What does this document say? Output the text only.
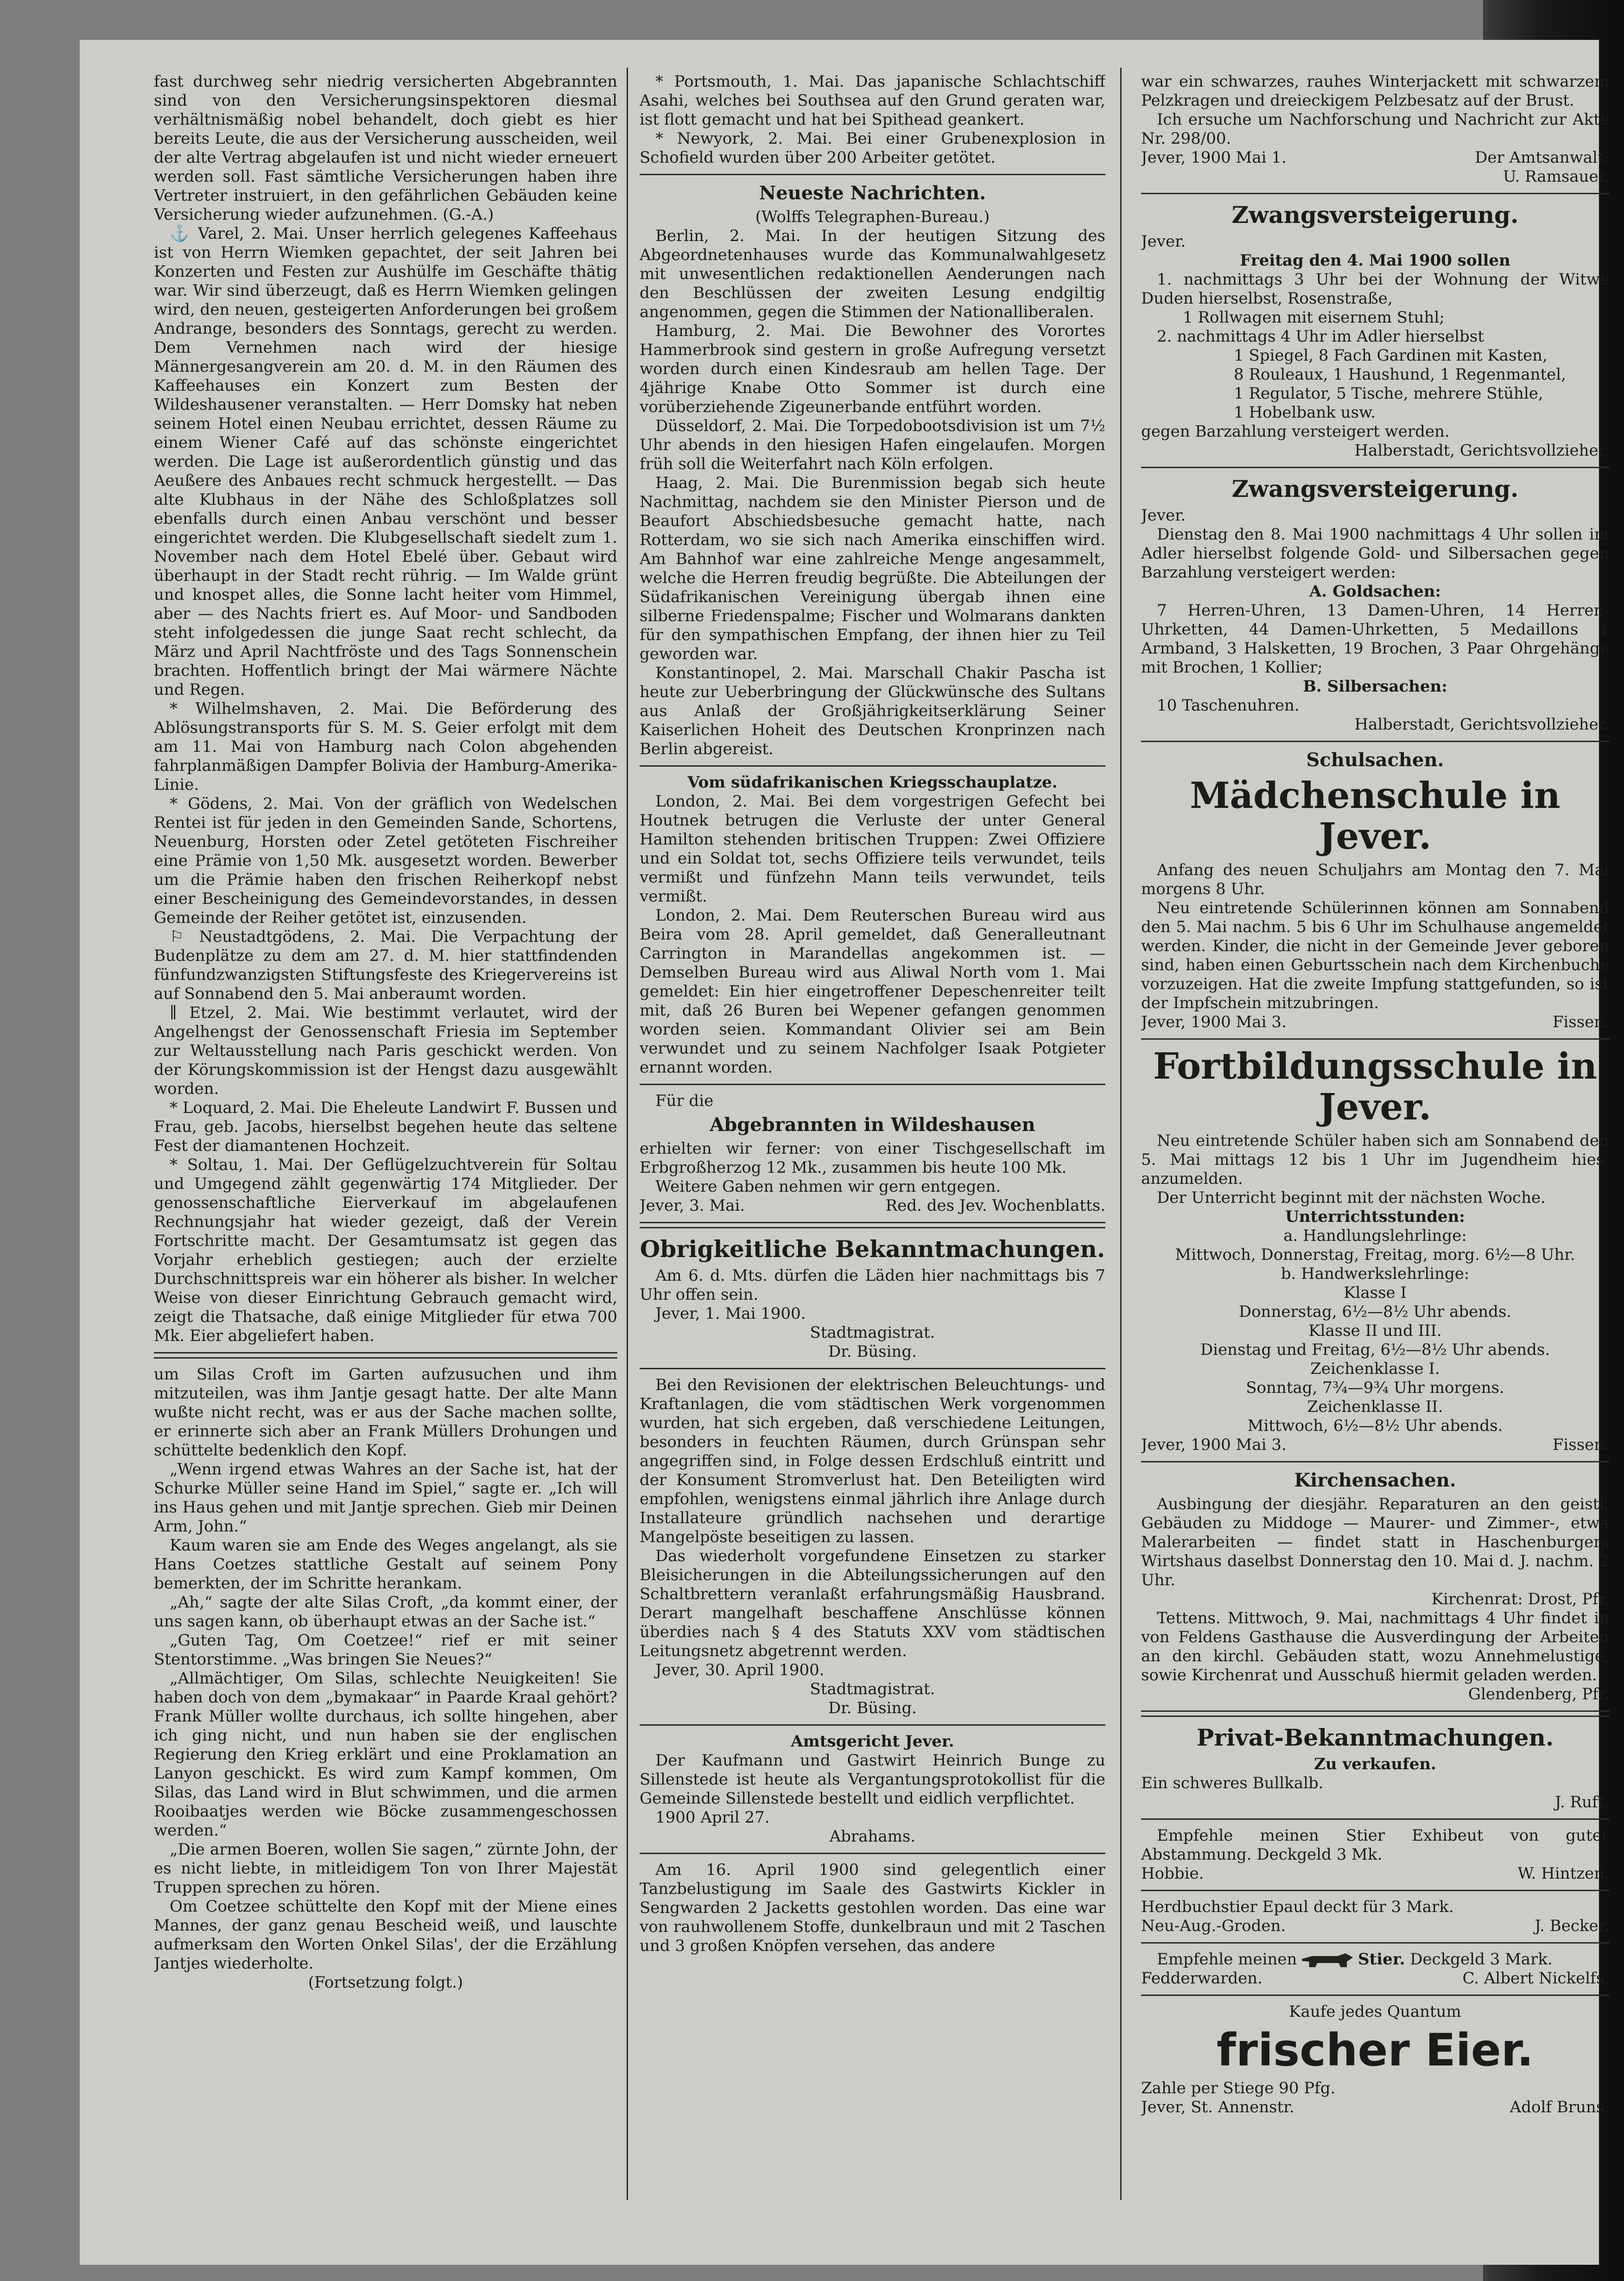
fast durchweg sehr niedrig versicherten Abgebrannten sind von den Versicherungsinspektoren diesmal verhältnismäßig nobel behandelt, doch giebt es hier bereits Leute, die aus der Versicherung ausscheiden, weil der alte Vertrag abgelaufen ist und nicht wieder erneuert werden soll. Fast sämtliche Versicherungen haben ihre Vertreter instruiert, in den gefährlichen Gebäuden keine Versicherung wieder aufzunehmen. (G.-A.)

⚓ Varel, 2. Mai. Unser herrlich gelegenes Kaffeehaus ist von Herrn Wiemken gepachtet, der seit Jahren bei Konzerten und Festen zur Aushülfe im Geschäfte thätig war. Wir sind überzeugt, daß es Herrn Wiemken gelingen wird, den neuen, gesteigerten Anforderungen bei großem Andrange, besonders des Sonntags, gerecht zu werden. Dem Vernehmen nach wird der hiesige Männergesangverein am 20. d. M. in den Räumen des Kaffeehauses ein Konzert zum Besten der Wildeshausener veranstalten. — Herr Domsky hat neben seinem Hotel einen Neubau errichtet, dessen Räume zu einem Wiener Café auf das schönste eingerichtet werden. Die Lage ist außerordentlich günstig und das Aeußere des Anbaues recht schmuck hergestellt. — Das alte Klubhaus in der Nähe des Schloßplatzes soll ebenfalls durch einen Anbau verschönt und besser eingerichtet werden. Die Klubgesellschaft siedelt zum 1. November nach dem Hotel Ebelé über. Gebaut wird überhaupt in der Stadt recht rührig. — Im Walde grünt und knospet alles, die Sonne lacht heiter vom Himmel, aber — des Nachts friert es. Auf Moor- und Sandboden steht infolgedessen die junge Saat recht schlecht, da März und April Nachtfröste und des Tags Sonnenschein brachten. Hoffentlich bringt der Mai wärmere Nächte und Regen.

* Wilhelmshaven, 2. Mai. Die Beförderung des Ablösungstransports für S. M. S. Geier erfolgt mit dem am 11. Mai von Hamburg nach Colon abgehenden fahrplanmäßigen Dampfer Bolivia der Hamburg-Amerika-Linie.

* Gödens, 2. Mai. Von der gräflich von Wedelschen Rentei ist für jeden in den Gemeinden Sande, Schortens, Neuenburg, Horsten oder Zetel getöteten Fischreiher eine Prämie von 1,50 Mk. ausgesetzt worden. Bewerber um die Prämie haben den frischen Reiherkopf nebst einer Bescheinigung des Gemeindevorstandes, in dessen Gemeinde der Reiher getötet ist, einzusenden.

⚐ Neustadtgödens, 2. Mai. Die Verpachtung der Budenplätze zu dem am 27. d. M. hier stattfindenden fünfundzwanzigsten Stiftungsfeste des Kriegervereins ist auf Sonnabend den 5. Mai anberaumt worden.

∥ Etzel, 2. Mai. Wie bestimmt verlautet, wird der Angelhengst der Genossenschaft Friesia im September zur Weltausstellung nach Paris geschickt werden. Von der Körungskommission ist der Hengst dazu ausgewählt worden.

* Loquard, 2. Mai. Die Eheleute Landwirt F. Bussen und Frau, geb. Jacobs, hierselbst begehen heute das seltene Fest der diamantenen Hochzeit.

* Soltau, 1. Mai. Der Geflügelzuchtverein für Soltau und Umgegend zählt gegenwärtig 174 Mitglieder. Der genossenschaftliche Eierverkauf im abgelaufenen Rechnungsjahr hat wieder gezeigt, daß der Verein Fortschritte macht. Der Gesamtumsatz ist gegen das Vorjahr erheblich gestiegen; auch der erzielte Durchschnittspreis war ein höherer als bisher. In welcher Weise von dieser Einrichtung Gebrauch gemacht wird, zeigt die Thatsache, daß einige Mitglieder für etwa 700 Mk. Eier abgeliefert haben.

um Silas Croft im Garten aufzusuchen und ihm mitzuteilen, was ihm Jantje gesagt hatte. Der alte Mann wußte nicht recht, was er aus der Sache machen sollte, er erinnerte sich aber an Frank Müllers Drohungen und schüttelte bedenklich den Kopf.

„Wenn irgend etwas Wahres an der Sache ist, hat der Schurke Müller seine Hand im Spiel,“ sagte er. „Ich will ins Haus gehen und mit Jantje sprechen. Gieb mir Deinen Arm, John.“

Kaum waren sie am Ende des Weges angelangt, als sie Hans Coetzes stattliche Gestalt auf seinem Pony bemerkten, der im Schritte herankam.

„Ah,“ sagte der alte Silas Croft, „da kommt einer, der uns sagen kann, ob überhaupt etwas an der Sache ist.“

„Guten Tag, Om Coetzee!“ rief er mit seiner Stentorstimme. „Was bringen Sie Neues?“

„Allmächtiger, Om Silas, schlechte Neuigkeiten! Sie haben doch von dem „bymakaar“ in Paarde Kraal gehört? Frank Müller wollte durchaus, ich sollte hingehen, aber ich ging nicht, und nun haben sie der englischen Regierung den Krieg erklärt und eine Proklamation an Lanyon geschickt. Es wird zum Kampf kommen, Om Silas, das Land wird in Blut schwimmen, und die armen Rooibaatjes werden wie Böcke zusammengeschossen werden.“

„Die armen Boeren, wollen Sie sagen,“ zürnte John, der es nicht liebte, in mitleidigem Ton von Ihrer Majestät Truppen sprechen zu hören.

Om Coetzee schüttelte den Kopf mit der Miene eines Mannes, der ganz genau Bescheid weiß, und lauschte aufmerksam den Worten Onkel Silas', der die Erzählung Jantjes wiederholte.

(Fortsetzung folgt.)

* Portsmouth, 1. Mai. Das japanische Schlachtschiff Asahi, welches bei Southsea auf den Grund geraten war, ist flott gemacht und hat bei Spithead geankert.

* Newyork, 2. Mai. Bei einer Grubenexplosion in Schofield wurden über 200 Arbeiter getötet.

Neueste Nachrichten.

(Wolffs Telegraphen-Bureau.)

Berlin, 2. Mai. In der heutigen Sitzung des Abgeordnetenhauses wurde das Kommunalwahlgesetz mit unwesentlichen redaktionellen Aenderungen nach den Beschlüssen der zweiten Lesung endgiltig angenommen, gegen die Stimmen der Nationalliberalen.

Hamburg, 2. Mai. Die Bewohner des Vorortes Hammerbrook sind gestern in große Aufregung versetzt worden durch einen Kindesraub am hellen Tage. Der 4jährige Knabe Otto Sommer ist durch eine vorüberziehende Zigeunerbande entführt worden.

Düsseldorf, 2. Mai. Die Torpedobootsdivision ist um 7½ Uhr abends in den hiesigen Hafen eingelaufen. Morgen früh soll die Weiterfahrt nach Köln erfolgen.

Haag, 2. Mai. Die Burenmission begab sich heute Nachmittag, nachdem sie den Minister Pierson und de Beaufort Abschiedsbesuche gemacht hatte, nach Rotterdam, wo sie sich nach Amerika einschiffen wird. Am Bahnhof war eine zahlreiche Menge angesammelt, welche die Herren freudig begrüßte. Die Abteilungen der Südafrikanischen Vereinigung übergab ihnen eine silberne Friedenspalme; Fischer und Wolmarans dankten für den sympathischen Empfang, der ihnen hier zu Teil geworden war.

Konstantinopel, 2. Mai. Marschall Chakir Pascha ist heute zur Ueberbringung der Glückwünsche des Sultans aus Anlaß der Großjährigkeitserklärung Seiner Kaiserlichen Hoheit des Deutschen Kronprinzen nach Berlin abgereist.

Vom südafrikanischen Kriegsschauplatze.

London, 2. Mai. Bei dem vorgestrigen Gefecht bei Houtnek betrugen die Verluste der unter General Hamilton stehenden britischen Truppen: Zwei Offiziere und ein Soldat tot, sechs Offiziere teils verwundet, teils vermißt und fünfzehn Mann teils verwundet, teils vermißt.

London, 2. Mai. Dem Reuterschen Bureau wird aus Beira vom 28. April gemeldet, daß Generalleutnant Carrington in Marandellas angekommen ist. — Demselben Bureau wird aus Aliwal North vom 1. Mai gemeldet: Ein hier eingetroffener Depeschenreiter teilt mit, daß 26 Buren bei Wepener gefangen genommen worden seien. Kommandant Olivier sei am Bein verwundet und zu seinem Nachfolger Isaak Potgieter ernannt worden.

Für die

Abgebrannten in Wildeshausen

erhielten wir ferner: von einer Tischgesellschaft im Erbgroßherzog 12 Mk., zusammen bis heute 100 Mk.

Weitere Gaben nehmen wir gern entgegen.

Jever, 3. Mai.	Red. des Jev. Wochenblatts.

Obrigkeitliche Bekanntmachungen.

Am 6. d. Mts. dürfen die Läden hier nachmittags bis 7 Uhr offen sein.

Jever, 1. Mai 1900.

Stadtmagistrat.

Dr. Büsing.

Bei den Revisionen der elektrischen Beleuchtungs- und Kraftanlagen, die vom städtischen Werk vorgenommen wurden, hat sich ergeben, daß verschiedene Leitungen, besonders in feuchten Räumen, durch Grünspan sehr angegriffen sind, in Folge dessen Erdschluß eintritt und der Konsument Stromverlust hat. Den Beteiligten wird empfohlen, wenigstens einmal jährlich ihre Anlage durch Installateure gründlich nachsehen und derartige Mangelpöste beseitigen zu lassen.

Das wiederholt vorgefundene Einsetzen zu starker Bleisicherungen in die Abteilungssicherungen auf den Schaltbrettern veranlaßt erfahrungsmäßig Hausbrand. Derart mangelhaft beschaffene Anschlüsse können überdies nach § 4 des Statuts XXV vom städtischen Leitungsnetz abgetrennt werden.

Jever, 30. April 1900.

Stadtmagistrat.

Dr. Büsing.

Amtsgericht Jever.

Der Kaufmann und Gastwirt Heinrich Bunge zu Sillenstede ist heute als Vergantungsprotokollist für die Gemeinde Sillenstede bestellt und eidlich verpflichtet.

1900 April 27.

Abrahams.

Am 16. April 1900 sind gelegentlich einer Tanzbelustigung im Saale des Gastwirts Kickler in Sengwarden 2 Jacketts gestohlen worden. Das eine war von rauhwollenem Stoffe, dunkelbraun und mit 2 Taschen und 3 großen Knöpfen versehen, das andere

war ein schwarzes, rauhes Winterjackett mit schwarzem Pelzkragen und dreieckigem Pelzbesatz auf der Brust.

Ich ersuche um Nachforschung und Nachricht zur Akte Nr. 298/00.

Jever, 1900 Mai 1.	Der Amtsanwalt:

U. Ramsauer.

Zwangsversteigerung.

Jever.

Freitag den 4. Mai 1900 sollen

1. nachmittags 3 Uhr bei der Wohnung der Witwe Duden hierselbst, Rosenstraße,

1 Rollwagen mit eisernem Stuhl;

2. nachmittags 4 Uhr im Adler hierselbst

1 Spiegel, 8 Fach Gardinen mit Kasten,

8 Rouleaux, 1 Haushund, 1 Regenmantel,

1 Regulator, 5 Tische, mehrere Stühle,

1 Hobelbank usw.

gegen Barzahlung versteigert werden.

Halberstadt, Gerichtsvollzieher.

Zwangsversteigerung.

Jever.

Dienstag den 8. Mai 1900 nachmittags 4 Uhr sollen im Adler hierselbst folgende Gold- und Silbersachen gegen Barzahlung versteigert werden:

A. Goldsachen:

7 Herren-Uhren, 13 Damen-Uhren, 14 Herren-Uhrketten, 44 Damen-Uhrketten, 5 Medaillons 1 Armband, 3 Halsketten, 19 Brochen, 3 Paar Ohrgehänge mit Brochen, 1 Kollier;

B. Silbersachen:

10 Taschenuhren.

Halberstadt, Gerichtsvollzieher.

Schulsachen.

Mädchenschule in Jever.

Anfang des neuen Schuljahrs am Montag den 7. Mai morgens 8 Uhr.

Neu eintretende Schülerinnen können am Sonnabend den 5. Mai nachm. 5 bis 6 Uhr im Schulhause angemeldet werden. Kinder, die nicht in der Gemeinde Jever geboren sind, haben einen Geburtsschein nach dem Kirchenbuche vorzuzeigen. Hat die zweite Impfung stattgefunden, so ist der Impfschein mitzubringen.

Jever, 1900 Mai 3.	Fissen.

Fortbildungsschule in Jever.

Neu eintretende Schüler haben sich am Sonnabend den 5. Mai mittags 12 bis 1 Uhr im Jugendheim hies. anzumelden.

Der Unterricht beginnt mit der nächsten Woche.

Unterrichtsstunden:

a. Handlungslehrlinge:

Mittwoch, Donnerstag, Freitag, morg. 6½—8 Uhr.

b. Handwerkslehrlinge:

Klasse I

Donnerstag, 6½—8½ Uhr abends.

Klasse II und III.

Dienstag und Freitag, 6½—8½ Uhr abends.

Zeichenklasse I.

Sonntag, 7¾—9¾ Uhr morgens.

Zeichenklasse II.

Mittwoch, 6½—8½ Uhr abends.

Jever, 1900 Mai 3.	Fissen.

Kirchensachen.

Ausbingung der diesjähr. Reparaturen an den geistl. Gebäuden zu Middoge — Maurer- und Zimmer-, etwa Malerarbeiten — findet statt in Haschenburgers Wirtshaus daselbst Donnerstag den 10. Mai d. J. nachm. 2 Uhr.

Kirchenrat: Drost, Pfr.

Tettens. Mittwoch, 9. Mai, nachmittags 4 Uhr findet in von Feldens Gasthause die Ausverdingung der Arbeiten an den kirchl. Gebäuden statt, wozu Annehmelustige, sowie Kirchenrat und Ausschuß hiermit geladen werden.

Glendenberg, Pfr.

Privat-Bekanntmachungen.

Zu verkaufen.

Ein schweres Bullkalb.

J. Ruft.

Empfehle meinen Stier Exhibeut von guter Abstammung. Deckgeld 3 Mk.

Hobbie.	W. Hintzen.

Herdbuchstier Epaul deckt für 3 Mark.

Neu-Aug.-Groden.	J. Becker.

Empfehle meinen	Stier. Deckgeld 3 Mark.

Fedderwarden.	C. Albert Nickelfs.

Kaufe jedes Quantum

frischer Eier.

Zahle per Stiege 90 Pfg.

Jever, St. Annenstr.	Adolf Bruns.
